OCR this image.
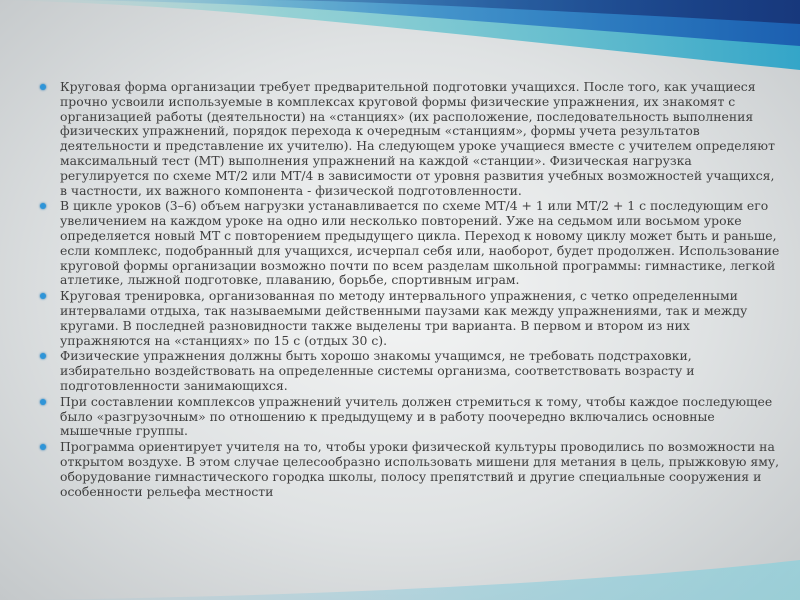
Круговая форма организации требует предварительной подготовки учащихся. После того, как учащиеся прочно усвоили используемые в комплексах круговой формы физические упражнения, их знакомят с организацией работы (деятельности) на «станциях» (их расположение, последовательность выполнения физических упражнений, порядок перехода к очередным «станциям», формы учета результатов деятельности и представление их учителю). На следующем уроке учащиеся вместе с учителем определяют максимальный тест (МТ) выполнения упражнений на каждой «станции». Физическая нагрузка регулируется по схеме МТ/2 или МТ/4 в зависимости от уровня развития учебных возможностей учащихся, в частности, их важного компонента - физической подготовленности.
В цикле уроков (3–6) объем нагрузки устанавливается по схеме МТ/4 + 1 или МТ/2 + 1 с последующим его увеличением на каждом уроке на одно или несколько повторений. Уже на седьмом или восьмом уроке определяется новый МТ с повторением предыдущего цикла. Переход к новому циклу может быть и раньше, если комплекс, подобранный для учащихся, исчерпал себя или, наоборот, будет продолжен. Использование круговой формы организации возможно почти по всем разделам школьной программы: гимнастике, легкой атлетике, лыжной подготовке, плаванию, борьбе, спортивным играм.
Круговая тренировка, организованная по методу интервального упражнения, с четко определенными интервалами отдыха, так называемыми действенными паузами как между упражнениями, так и между кругами. В последней разновидности также выделены три варианта. В первом и втором из них упражняются на «станциях» по 15 с (отдых 30 с).
Физические упражнения должны быть хорошо знакомы учащимся, не требовать подстраховки, избирательно воздействовать на определенные системы организма, соответствовать возрасту и подготовленности занимающихся.
При составлении комплексов упражнений учитель должен стремиться к тому, чтобы каждое последующее было «разгрузочным» по отношению к предыдущему и в работу поочередно включались основные мышечные группы.
Программа ориентирует учителя на то, чтобы уроки физической культуры проводились по возможности на открытом воздухе. В этом случае целесообразно использовать мишени для метания в цель, прыжковую яму, оборудование гимнастического городка школы, полосу препятствий и другие специальные сооружения и особенности рельефа местности
